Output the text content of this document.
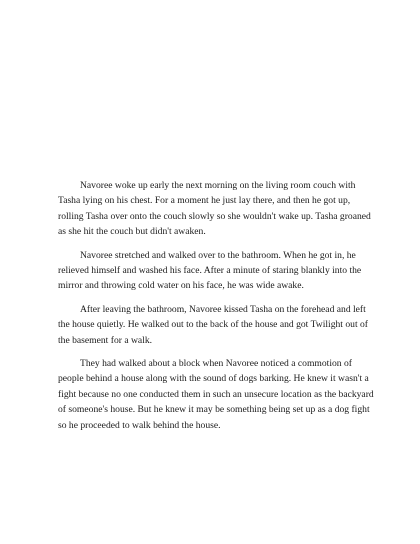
Navoree woke up early the next morning on the living room couch with Tasha lying on his chest. For a moment he just lay there, and then he got up, rolling Tasha over onto the couch slowly so she wouldn't wake up. Tasha groaned as she hit the couch but didn't awaken.

Navoree stretched and walked over to the bathroom. When he got in, he relieved himself and washed his face. After a minute of staring blankly into the mirror and throwing cold water on his face, he was wide awake.

After leaving the bathroom, Navoree kissed Tasha on the forehead and left the house quietly. He walked out to the back of the house and got Twilight out of the basement for a walk.

They had walked about a block when Navoree noticed a commotion of people behind a house along with the sound of dogs barking. He knew it wasn't a fight because no one conducted them in such an unsecure location as the backyard of someone's house. But he knew it may be something being set up as a dog fight so he proceeded to walk behind the house.
